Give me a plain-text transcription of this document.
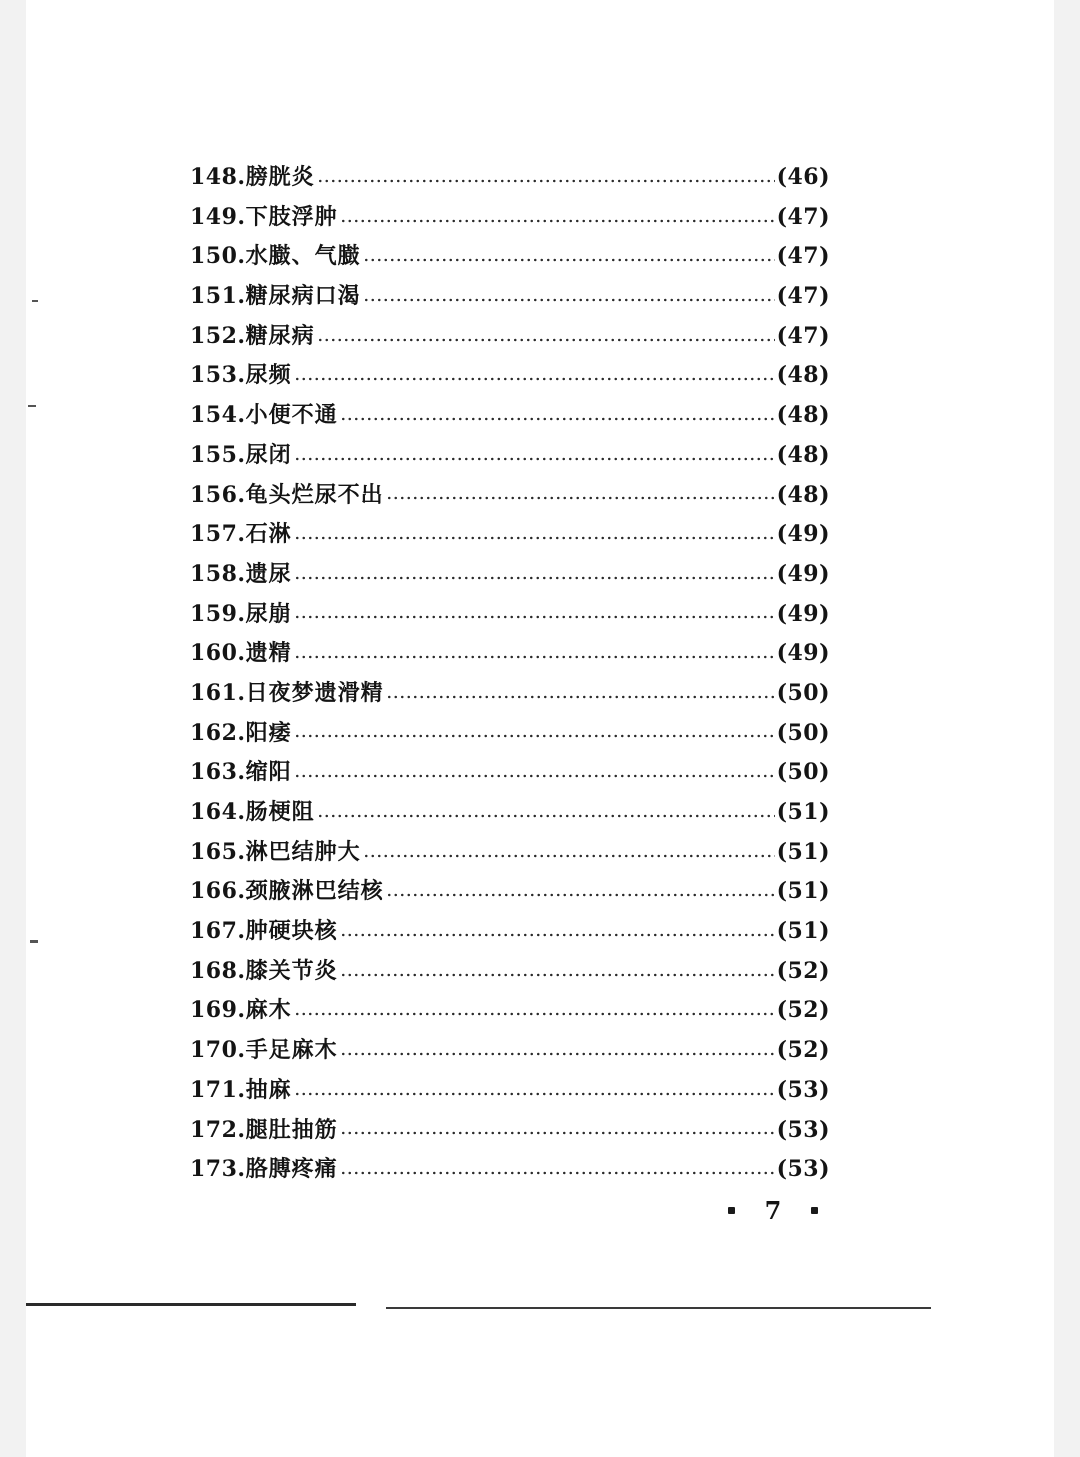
148. 膀胱炎	(46)
149. 下肢浮肿	(47)
150. 水臌、气臌	(47)
151. 糖尿病口渴	(47)
152. 糖尿病	(47)
153. 尿频	(48)
154. 小便不通	(48)
155. 尿闭	(48)
156. 龟头烂尿不出	(48)
157. 石淋	(49)
158. 遗尿	(49)
159. 尿崩	(49)
160. 遗精	(49)
161. 日夜梦遗滑精	(50)
162. 阳痿	(50)
163. 缩阳	(50)
164. 肠梗阻	(51)
165. 淋巴结肿大	(51)
166. 颈腋淋巴结核	(51)
167. 肿硬块核	(51)
168. 膝关节炎	(52)
169. 麻木	(52)
170. 手足麻木	(52)
171. 抽麻	(53)
172. 腿肚抽筋	(53)
173. 胳膊疼痛	(53)
7
